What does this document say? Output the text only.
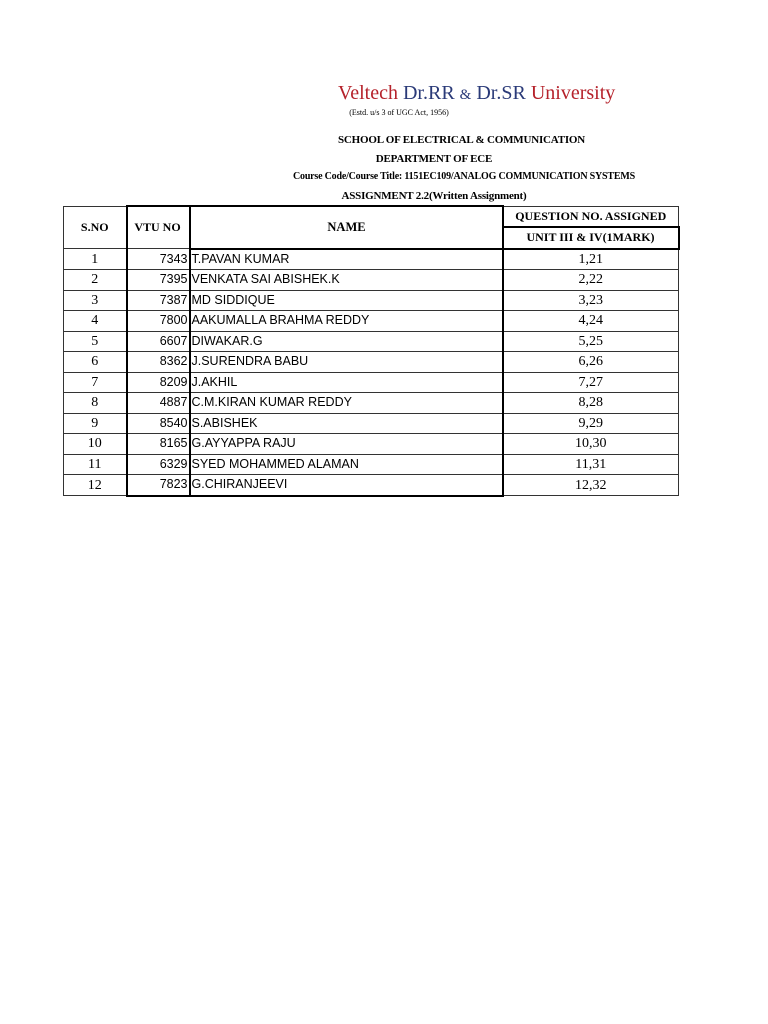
Veltech Dr.RR & Dr.SR University
(Estd. u/s 3 of UGC Act, 1956)
SCHOOL OF ELECTRICAL & COMMUNICATION
DEPARTMENT OF ECE
Course Code/Course Title: 1151EC109/ANALOG COMMUNICATION SYSTEMS
ASSIGNMENT 2.2(Written Assignment)
S.NO	VTU NO	NAME	QUESTION NO. ASSIGNED
			UNIT III & IV(1MARK)
1	7343	T.PAVAN KUMAR	1,21
2	7395	VENKATA SAI ABISHEK.K	2,22
3	7387	MD SIDDIQUE	3,23
4	7800	AAKUMALLA BRAHMA REDDY	4,24
5	6607	DIWAKAR.G	5,25
6	8362	J.SURENDRA BABU	6,26
7	8209	J.AKHIL	7,27
8	4887	C.M.KIRAN KUMAR REDDY	8,28
9	8540	S.ABISHEK	9,29
10	8165	G.AYYAPPA RAJU	10,30
11	6329	SYED MOHAMMED ALAMAN	11,31
12	7823	G.CHIRANJEEVI	12,32
